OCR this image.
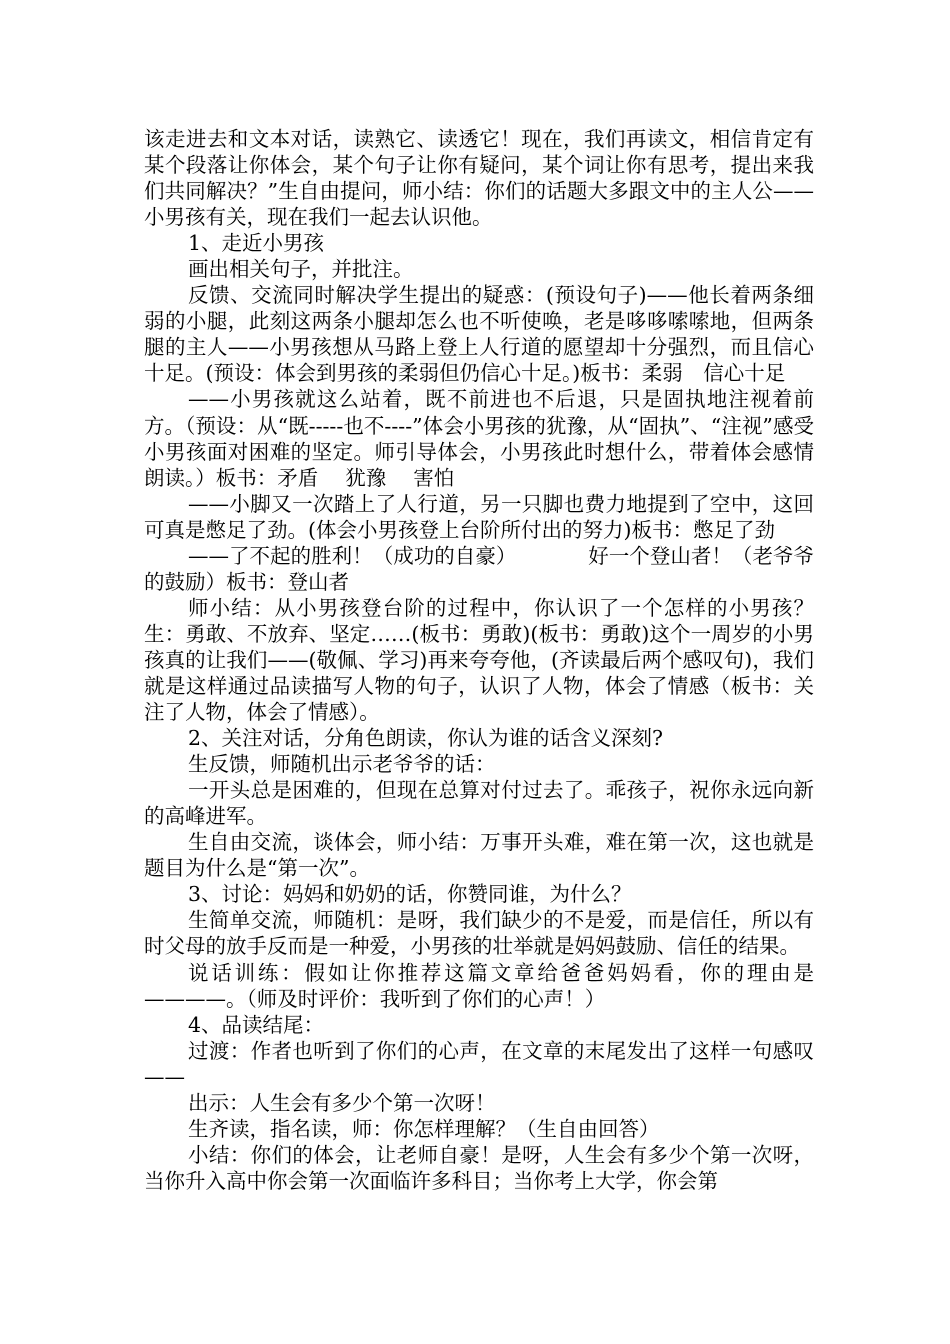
该走进去和文本对话，读熟它、读透它！现在，我们再读文，相信肯定有某个段落让你体会，某个句子让你有疑问，某个词让你有思考，提出来我们共同解决？”生自由提问，师小结：你们的话题大多跟文中的主人公——小男孩有关，现在我们一起去认识他。

1、走近小男孩

画出相关句子，并批注。

反馈、交流同时解决学生提出的疑惑：(预设句子)——他长着两条细弱的小腿，此刻这两条小腿却怎么也不听使唤，老是哆哆嗦嗦地，但两条腿的主人——小男孩想从马路上登上人行道的愿望却十分强烈，而且信心十足。(预设：体会到男孩的柔弱但仍信心十足。)板书：柔弱　信心十足

——小男孩就这么站着，既不前进也不后退，只是固执地注视着前方。（预设：从“既-----也不----”体会小男孩的犹豫，从“固执”、“注视”感受小男孩面对困难的坚定。师引导体会，小男孩此时想什么，带着体会感情朗读。）板书：矛盾　 犹豫　 害怕

——小脚又一次踏上了人行道，另一只脚也费力地提到了空中，这回可真是憋足了劲。(体会小男孩登上台阶所付出的努力)板书：憋足了劲

——了不起的胜利！（成功的自豪）　　　　好一个登山者！（老爷爷的鼓励）板书：登山者

师小结：从小男孩登台阶的过程中，你认识了一个怎样的小男孩？生：勇敢、不放弃、坚定……(板书：勇敢)(板书：勇敢)这个一周岁的小男孩真的让我们——(敬佩、学习)再来夸夸他，(齐读最后两个感叹句)，我们就是这样通过品读描写人物的句子，认识了人物，体会了情感（板书：关注了人物，体会了情感）。

2、关注对话，分角色朗读，你认为谁的话含义深刻?

生反馈，师随机出示老爷爷的话：

一开头总是困难的，但现在总算对付过去了。乖孩子，祝你永远向新的高峰进军。

生自由交流，谈体会，师小结：万事开头难，难在第一次，这也就是题目为什么是“第一次”。

3、讨论：妈妈和奶奶的话，你赞同谁，为什么？

生简单交流，师随机：是呀，我们缺少的不是爱，而是信任，所以有时父母的放手反而是一种爱，小男孩的壮举就是妈妈鼓励、信任的结果。

说话训练：假如让你推荐这篇文章给爸爸妈妈看，你的理由是————。（师及时评价：我听到了你们的心声！）

4、品读结尾：

过渡：作者也听到了你们的心声，在文章的末尾发出了这样一句感叹——

出示：人生会有多少个第一次呀！

生齐读，指名读，师：你怎样理解？（生自由回答）

小结：你们的体会，让老师自豪！是呀，人生会有多少个第一次呀，当你升入高中你会第一次面临许多科目；当你考上大学，你会第
